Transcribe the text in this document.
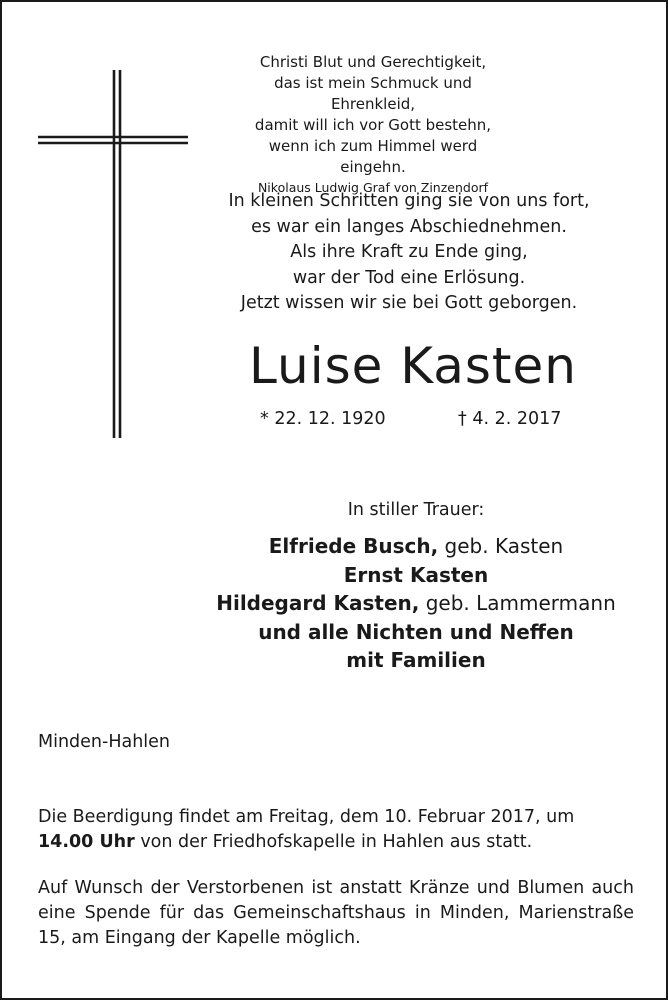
Christi Blut und Gerechtigkeit,
das ist mein Schmuck und Ehrenkleid,
damit will ich vor Gott bestehn,
wenn ich zum Himmel werd eingehn.
Nikolaus Ludwig Graf von Zinzendorf
In kleinen Schritten ging sie von uns fort,
es war ein langes Abschiednehmen.
Als ihre Kraft zu Ende ging,
war der Tod eine Erlösung.
Jetzt wissen wir sie bei Gott geborgen.
Luise Kasten
* 22. 12. 1920	† 4. 2. 2017
In stiller Trauer:
Elfriede Busch, geb. Kasten
Ernst Kasten
Hildegard Kasten, geb. Lammermann
und alle Nichten und Neffen
mit Familien
Minden-Hahlen
Die Beerdigung findet am Freitag, dem 10. Februar 2017, um
14.00 Uhr von der Friedhofskapelle in Hahlen aus statt.
Auf Wunsch der Verstorbenen ist anstatt Kränze und Blumen auch eine Spende für das Gemeinschaftshaus in Minden, Marienstraße 15, am Eingang der Kapelle möglich.
